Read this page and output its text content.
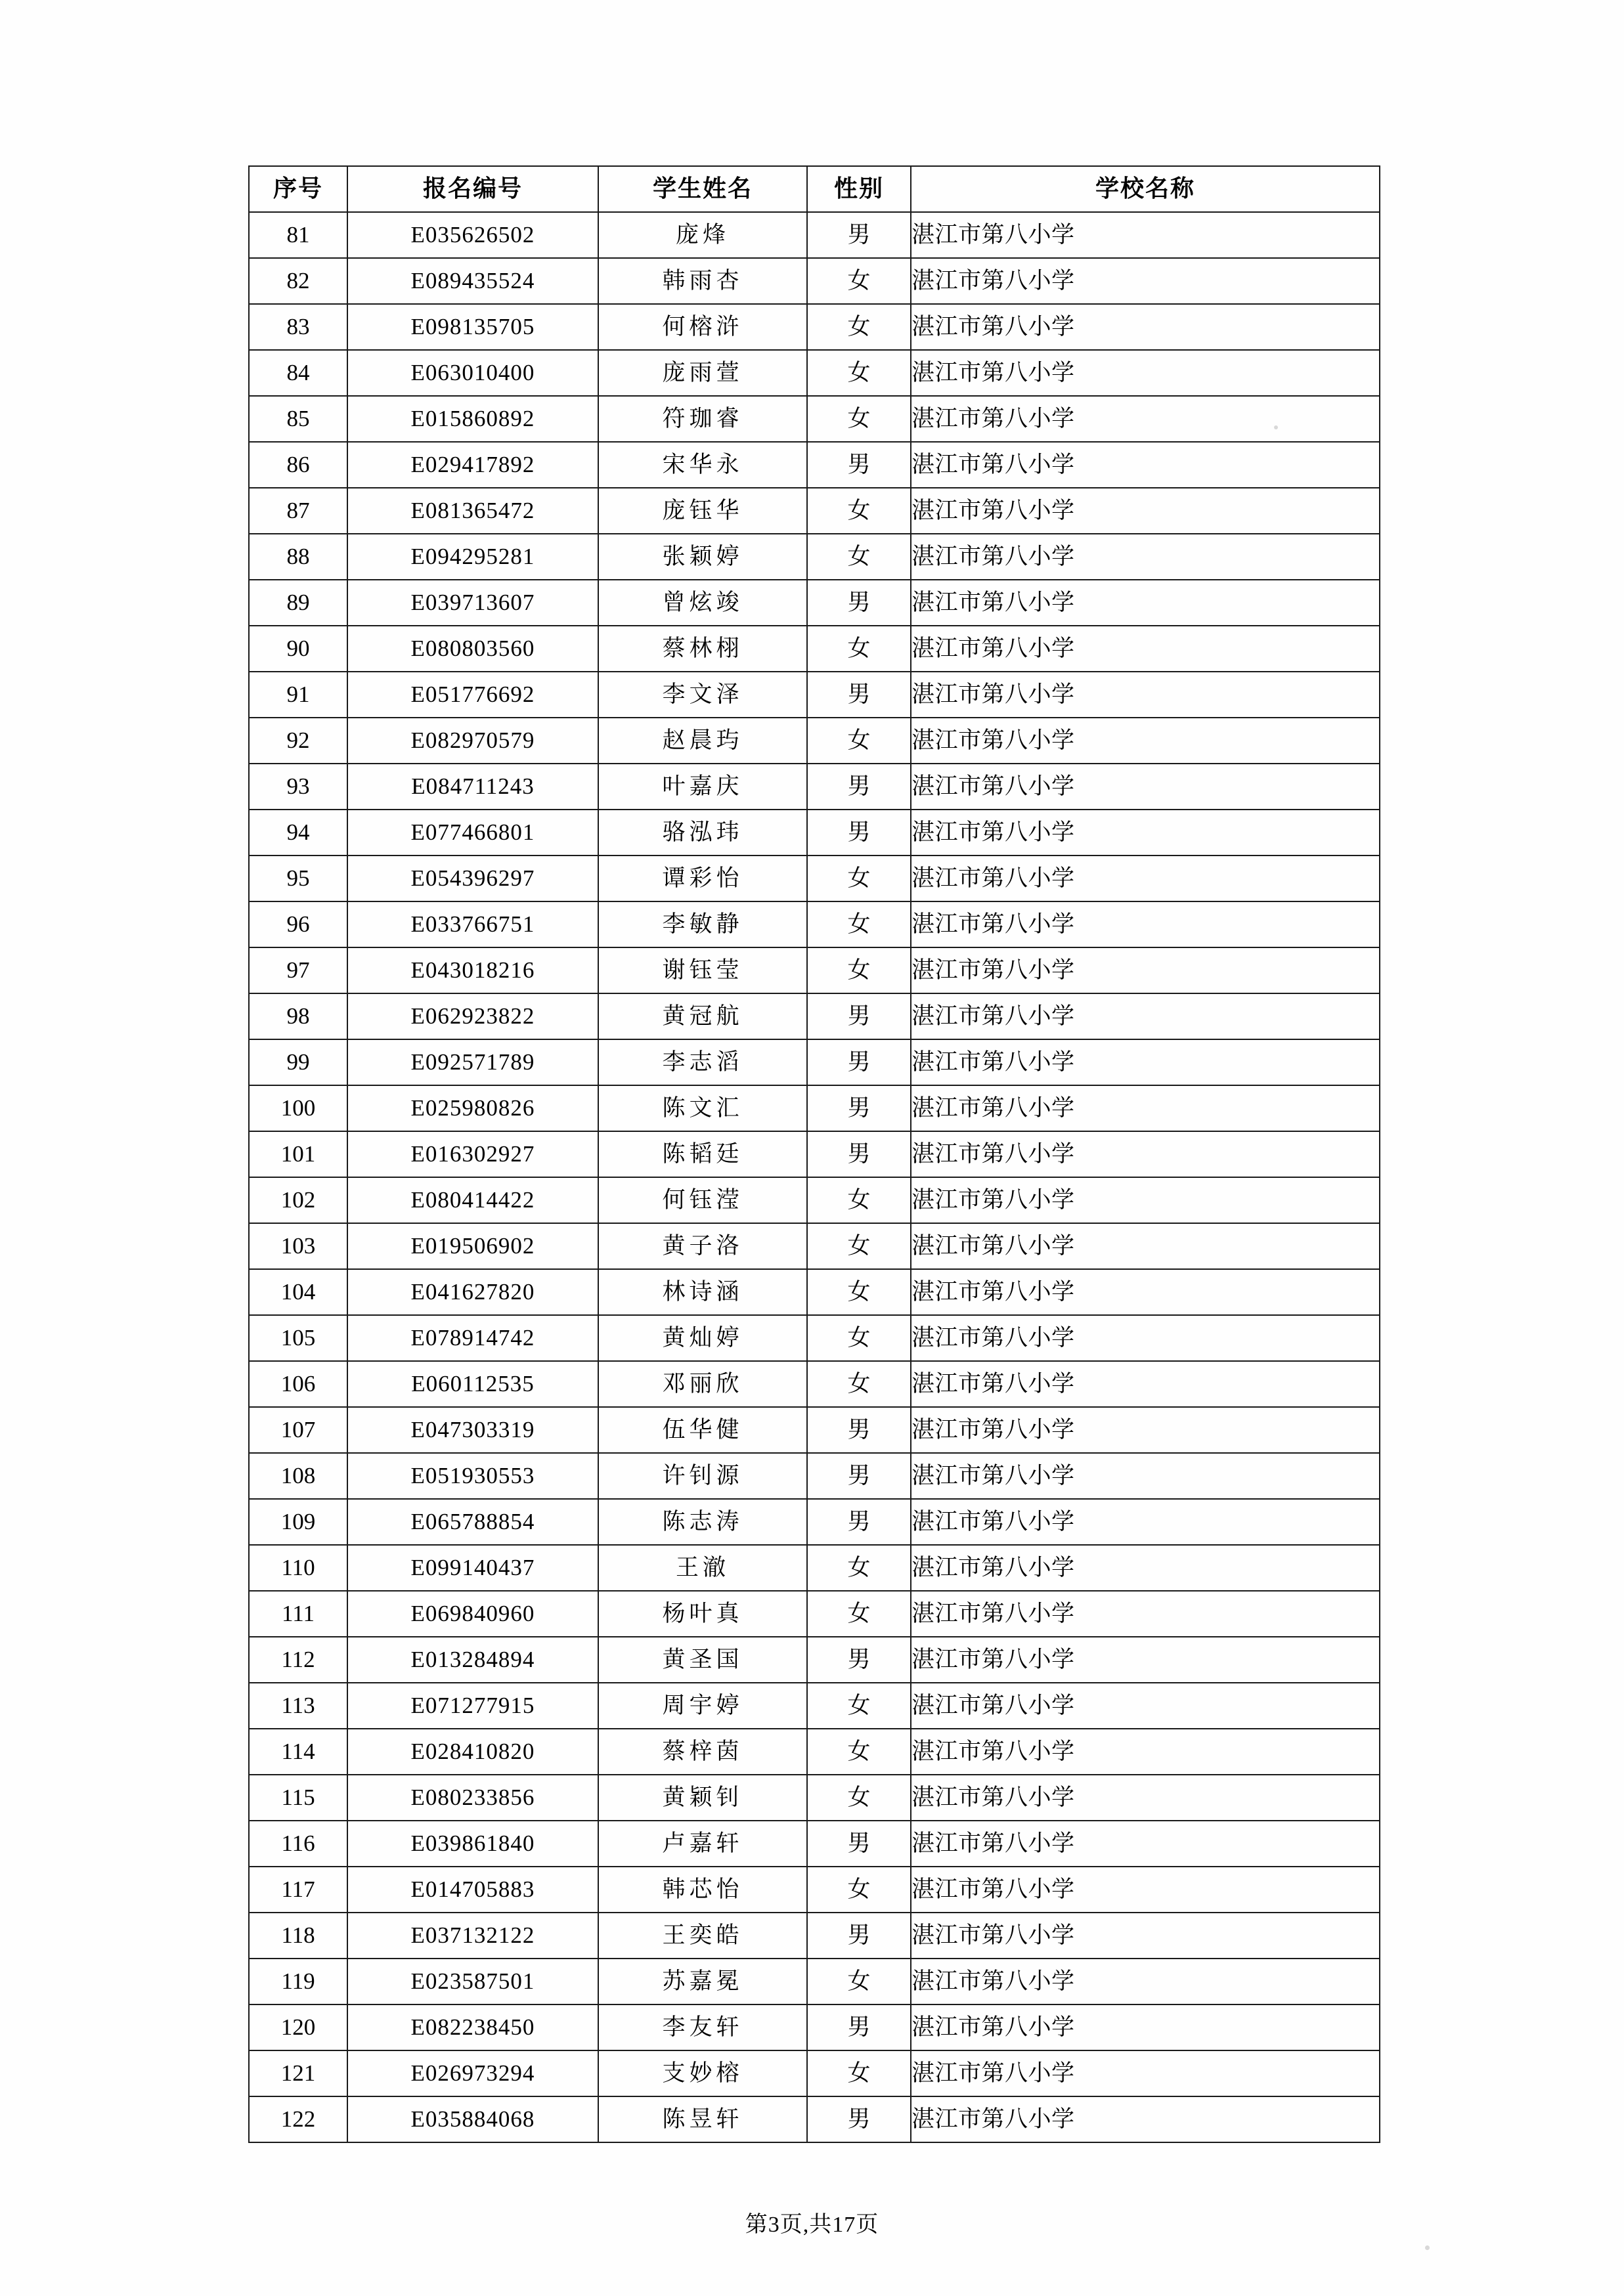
序号	报名编号	学生姓名	性别	学校名称
81	E035626502	庞烽	男	湛江市第八小学
82	E089435524	韩雨杏	女	湛江市第八小学
83	E098135705	何榕浒	女	湛江市第八小学
84	E063010400	庞雨萱	女	湛江市第八小学
85	E015860892	符珈睿	女	湛江市第八小学
86	E029417892	宋华永	男	湛江市第八小学
87	E081365472	庞钰华	女	湛江市第八小学
88	E094295281	张颖婷	女	湛江市第八小学
89	E039713607	曾炫竣	男	湛江市第八小学
90	E080803560	蔡林栩	女	湛江市第八小学
91	E051776692	李文泽	男	湛江市第八小学
92	E082970579	赵晨玙	女	湛江市第八小学
93	E084711243	叶嘉庆	男	湛江市第八小学
94	E077466801	骆泓玮	男	湛江市第八小学
95	E054396297	谭彩怡	女	湛江市第八小学
96	E033766751	李敏静	女	湛江市第八小学
97	E043018216	谢钰莹	女	湛江市第八小学
98	E062923822	黄冠航	男	湛江市第八小学
99	E092571789	李志滔	男	湛江市第八小学
100	E025980826	陈文汇	男	湛江市第八小学
101	E016302927	陈韬廷	男	湛江市第八小学
102	E080414422	何钰滢	女	湛江市第八小学
103	E019506902	黄子洛	女	湛江市第八小学
104	E041627820	林诗涵	女	湛江市第八小学
105	E078914742	黄灿婷	女	湛江市第八小学
106	E060112535	邓丽欣	女	湛江市第八小学
107	E047303319	伍华健	男	湛江市第八小学
108	E051930553	许钊源	男	湛江市第八小学
109	E065788854	陈志涛	男	湛江市第八小学
110	E099140437	王澈	女	湛江市第八小学
111	E069840960	杨叶真	女	湛江市第八小学
112	E013284894	黄圣国	男	湛江市第八小学
113	E071277915	周宇婷	女	湛江市第八小学
114	E028410820	蔡梓茵	女	湛江市第八小学
115	E080233856	黄颖钊	女	湛江市第八小学
116	E039861840	卢嘉轩	男	湛江市第八小学
117	E014705883	韩芯怡	女	湛江市第八小学
118	E037132122	王奕皓	男	湛江市第八小学
119	E023587501	苏嘉冕	女	湛江市第八小学
120	E082238450	李友轩	男	湛江市第八小学
121	E026973294	支妙榕	女	湛江市第八小学
122	E035884068	陈昱轩	男	湛江市第八小学
第3页,共17页
